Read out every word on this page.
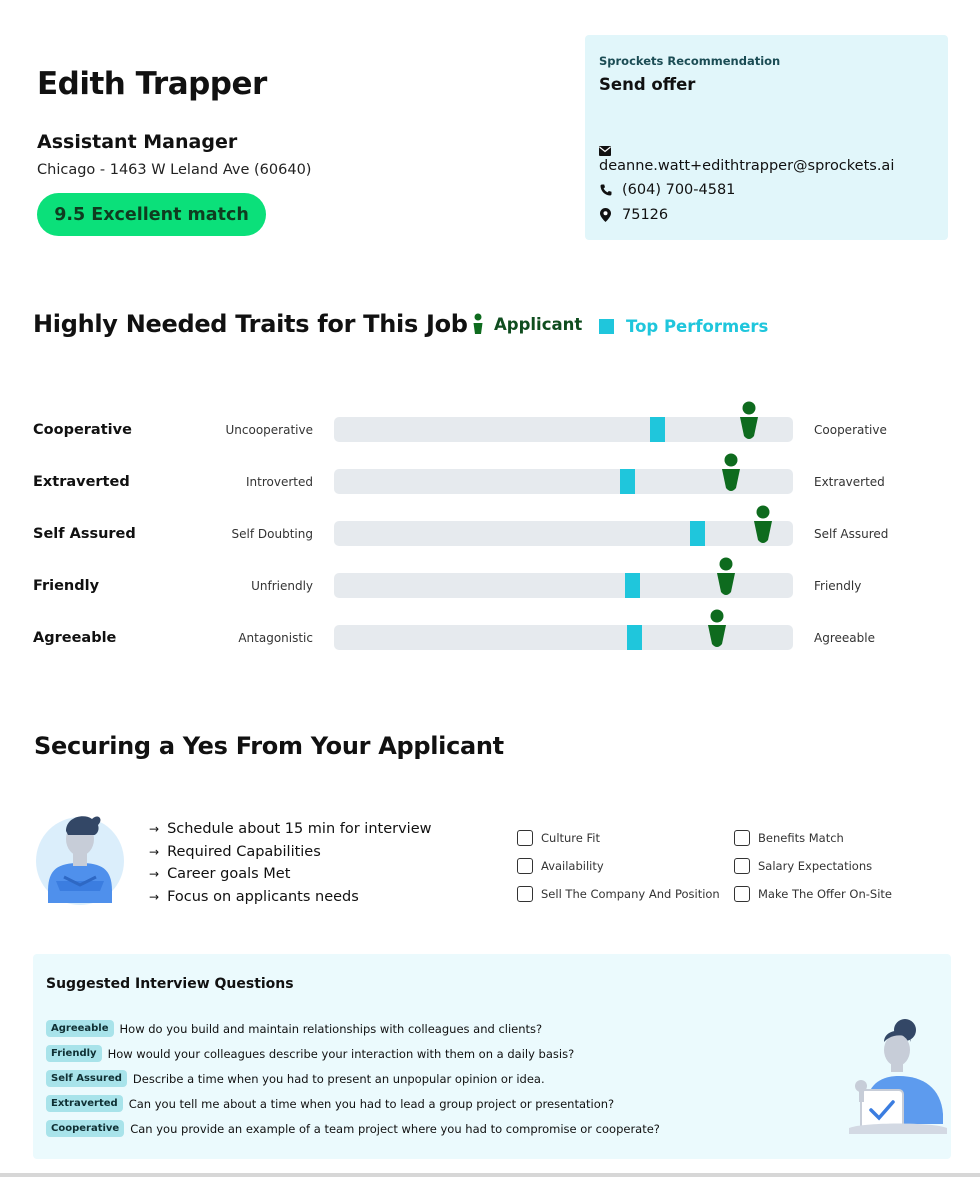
Edith Trapper
Assistant Manager
Chicago - 1463 W Leland Ave (60640)
9.5 Excellent match
Sprockets Recommendation
Send offer
deanne.watt+edithtrapper@sprockets.ai
(604) 700-4581
75126
Highly Needed Traits for This Job Applicant	Top Performers
Cooperative	Uncooperative	Cooperative
Extraverted	Introverted	Extraverted
Self Assured	Self Doubting	Self Assured
Friendly	Unfriendly	Friendly
Agreeable	Antagonistic	Agreeable
Securing a Yes From Your Applicant
→ Schedule about 15 min for interview
→ Required Capabilities
→ Career goals Met
→ Focus on applicants needs
Culture Fit
Availability
Sell The Company And Position
Benefits Match
Salary Expectations
Make The Offer On-Site
Suggested Interview Questions
Agreeable How do you build and maintain relationships with colleagues and clients?
Friendly How would your colleagues describe your interaction with them on a daily basis?
Self Assured Describe a time when you had to present an unpopular opinion or idea.
Extraverted Can you tell me about a time when you had to lead a group project or presentation?
Cooperative Can you provide an example of a team project where you had to compromise or cooperate?
